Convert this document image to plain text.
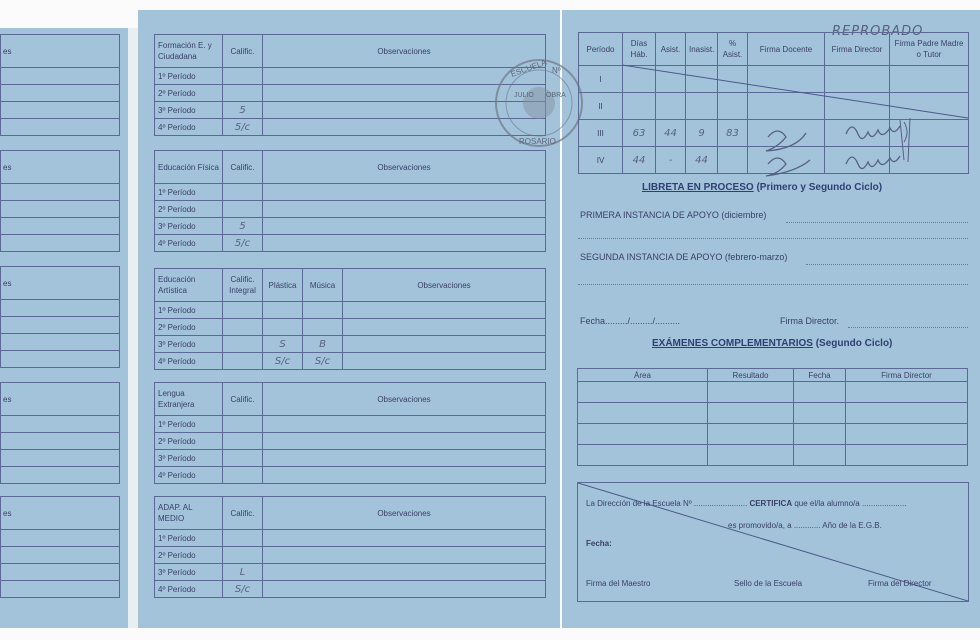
es

es

es

es

es

Formación E. y Ciudadana	Calific.	Observaciones
1º Período		
2º Período		
3º Período	5	
4º Período	5/c	
Educación Física	Calific.	Observaciones
1º Período		
2º Período		
3º Período	5	
4º Período	5/c	
Educación Artística	Calific. Integral	Plástica	Música	Observaciones
1º Período				
2º Período				
3º Período		S	B	
4º Período		S/c	S/c	
Lengua Extranjera	Calific.	Observaciones
1º Período		
2º Período		
3º Período		
4º Período		
ADAP. AL MEDIO	Calific.	Observaciones
1º Período		
2º Período		
3º Período	L	
4º Período	S/c	
ESCUELA Nº
JULIO OBRA
ROSARIO
REPROBADO
Período	Días Háb.	Asist.	Inasist.	% Asist.	Firma Docente	Firma Director	Firma Padre Madre o Tutor
I							
II							
III	63	44	9	83			
IV	44	-	44				
LIBRETA EN PROCESO (Primero y Segundo Ciclo)
PRIMERA INSTANCIA DE APOYO (diciembre)
SEGUNDA INSTANCIA DE APOYO (febrero-marzo)
Fecha........./........./..........	Firma Director.
EXÁMENES COMPLEMENTARIOS (Segundo Ciclo)
Área	Resultado	Fecha	Firma Director

La Dirección de la Escuela Nº ........................ CERTIFICA que el/la alumno/a ....................
es promovido/a, a ............ Año de la E.G.B.
Fecha:
Firma del Maestro	Sello de la Escuela	Firma del Director
